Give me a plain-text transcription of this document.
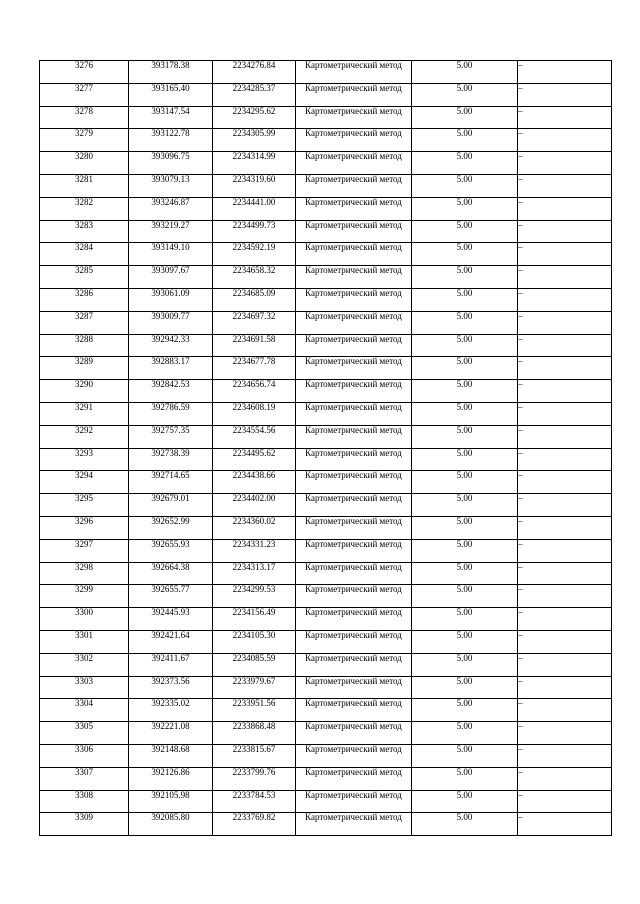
3276	393178.38	2234276.84	Картометрический метод	5.00	–
3277	393165.40	2234285.37	Картометрический метод	5.00	–
3278	393147.54	2234295.62	Картометрический метод	5.00	–
3279	393122.78	2234305.99	Картометрический метод	5.00	–
3280	393096.75	2234314.99	Картометрический метод	5.00	–
3281	393079.13	2234319.60	Картометрический метод	5.00	–
3282	393246.87	2234441.00	Картометрический метод	5.00	–
3283	393219.27	2234499.73	Картометрический метод	5.00	–
3284	393149.10	2234592.19	Картометрический метод	5.00	–
3285	393097.67	2234658.32	Картометрический метод	5.00	–
3286	393061.09	2234685.09	Картометрический метод	5.00	–
3287	393009.77	2234697.32	Картометрический метод	5.00	–
3288	392942.33	2234691.58	Картометрический метод	5.00	–
3289	392883.17	2234677.78	Картометрический метод	5.00	–
3290	392842.53	2234656.74	Картометрический метод	5.00	–
3291	392786.59	2234608.19	Картометрический метод	5.00	–
3292	392757.35	2234554.56	Картометрический метод	5.00	–
3293	392738.39	2234495.62	Картометрический метод	5.00	–
3294	392714.65	2234438.66	Картометрический метод	5.00	–
3295	392679.01	2234402.00	Картометрический метод	5.00	–
3296	392652.99	2234360.02	Картометрический метод	5.00	–
3297	392655.93	2234331.23	Картометрический метод	5.00	–
3298	392664.38	2234313.17	Картометрический метод	5.00	–
3299	392655.77	2234299.53	Картометрический метод	5.00	–
3300	392445.93	2234156.49	Картометрический метод	5.00	–
3301	392421.64	2234105.30	Картометрический метод	5.00	–
3302	392411.67	2234085.59	Картометрический метод	5.00	–
3303	392373.56	2233979.67	Картометрический метод	5.00	–
3304	392335.02	2233951.56	Картометрический метод	5.00	–
3305	392221.08	2233868.48	Картометрический метод	5.00	–
3306	392148.68	2233815.67	Картометрический метод	5.00	–
3307	392126.86	2233799.76	Картометрический метод	5.00	–
3308	392105.98	2233784.53	Картометрический метод	5.00	–
3309	392085.80	2233769.82	Картометрический метод	5.00	–
